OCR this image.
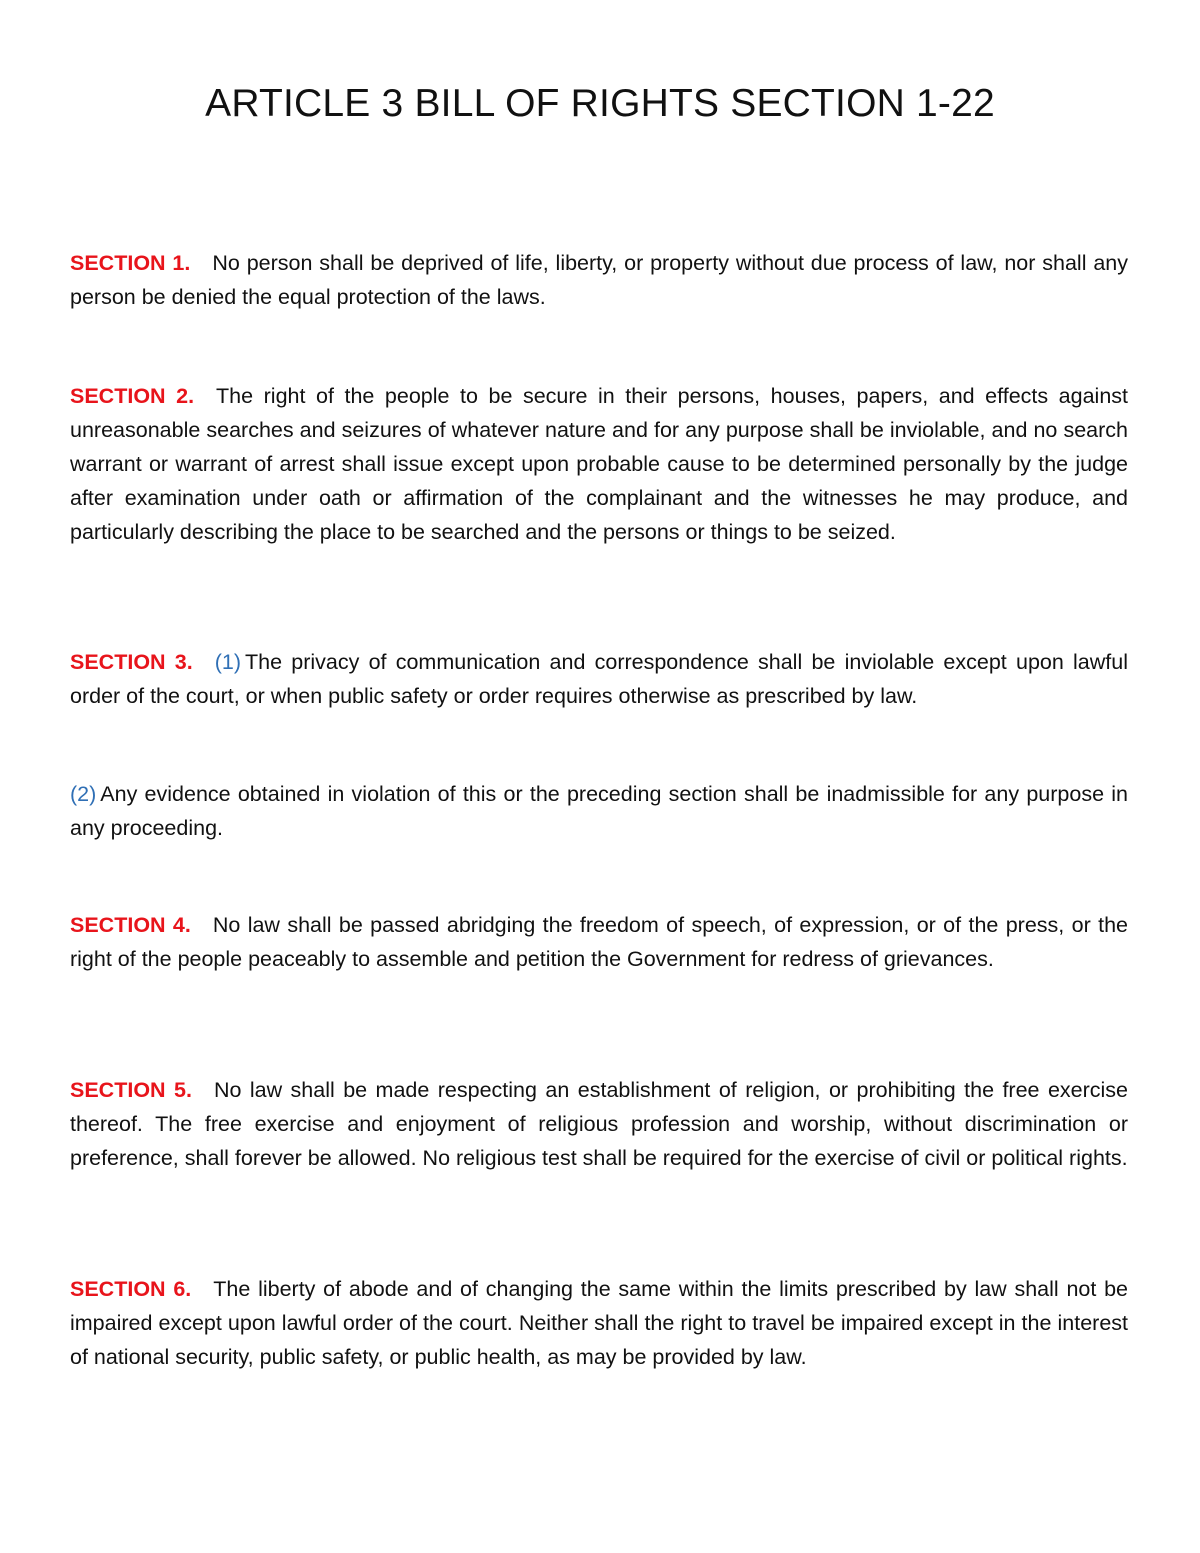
ARTICLE 3 BILL OF RIGHTS SECTION 1-22

SECTION 1. No person shall be deprived of life, liberty, or property without due process of law, nor shall any person be denied the equal protection of the laws.

SECTION 2. The right of the people to be secure in their persons, houses, papers, and effects against unreasonable searches and seizures of whatever nature and for any purpose shall be inviolable, and no search warrant or warrant of arrest shall issue except upon probable cause to be determined personally by the judge after examination under oath or affirmation of the complainant and the witnesses he may produce, and particularly describing the place to be searched and the persons or things to be seized.

SECTION 3. (1) The privacy of communication and correspondence shall be inviolable except upon lawful order of the court, or when public safety or order requires otherwise as prescribed by law.

(2) Any evidence obtained in violation of this or the preceding section shall be inadmissible for any purpose in any proceeding.

SECTION 4. No law shall be passed abridging the freedom of speech, of expression, or of the press, or the right of the people peaceably to assemble and petition the Government for redress of grievances.

SECTION 5. No law shall be made respecting an establishment of religion, or prohibiting the free exercise thereof. The free exercise and enjoyment of religious profession and worship, without discrimination or preference, shall forever be allowed. No religious test shall be required for the exercise of civil or political rights.

SECTION 6. The liberty of abode and of changing the same within the limits prescribed by law shall not be impaired except upon lawful order of the court. Neither shall the right to travel be impaired except in the interest of national security, public safety, or public health, as may be provided by law.
